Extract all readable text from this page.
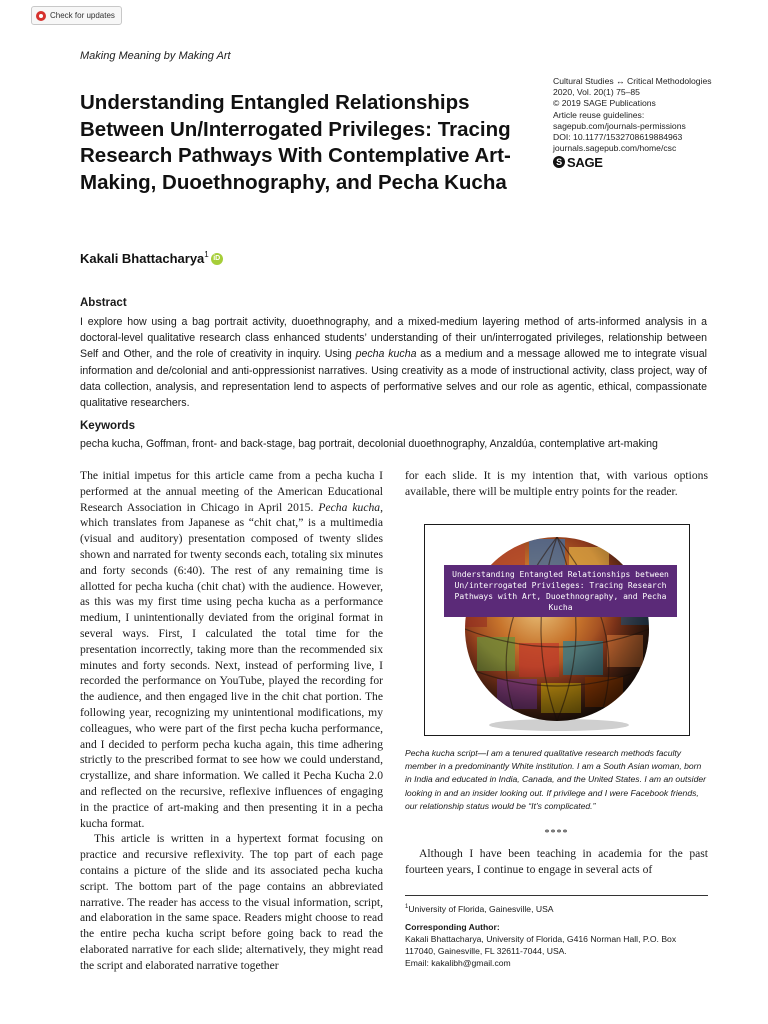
Check for updates
Making Meaning by Making Art
Understanding Entangled Relationships Between Un/Interrogated Privileges: Tracing Research Pathways With Contemplative Art-Making, Duoethnography, and Pecha Kucha
Cultural Studies ↔ Critical Methodologies
2020, Vol. 20(1) 75–85
© 2019 SAGE Publications
Article reuse guidelines:
sagepub.com/journals-permissions
DOI: 10.1177/1532708619884963
journals.sagepub.com/home/csc
S SAGE
Kakali Bhattacharya$^1$ iD
Abstract
I explore how using a bag portrait activity, duoethnography, and a mixed-medium layering method of arts-informed analysis in a doctoral-level qualitative research class enhanced students’ understanding of their un/interrogated privileges, relationship between Self and Other, and the role of creativity in inquiry. Using pecha kucha as a medium and a message allowed me to integrate visual information and de/colonial and anti-oppressionist narratives. Using creativity as a mode of instructional activity, class project, way of data collection, analysis, and representation lend to aspects of performative selves and our role as agentic, ethical, compassionate qualitative researchers.
Keywords
pecha kucha, Goffman, front- and back-stage, bag portrait, decolonial duoethnography, Anzaldúa, contemplative art-making

The initial impetus for this article came from a pecha kucha I performed at the annual meeting of the American Educational Research Association in Chicago in April 2015. Pecha kucha, which translates from Japanese as “chit chat,” is a multimedia (visual and auditory) presentation composed of twenty slides shown and narrated for twenty seconds each, totaling six minutes and forty seconds (6:40). The rest of any remaining time is allotted for pecha kucha (chit chat) with the audience. However, as this was my first time using pecha kucha as a performance medium, I unintentionally deviated from the original format in several ways. First, I calculated the total time for the presentation incorrectly, taking more than the recommended six minutes and forty seconds. Next, instead of performing live, I recorded the performance on YouTube, played the recording for the audience, and then engaged live in the chit chat portion. The following year, recognizing my unintentional modifications, my colleagues, who were part of the first pecha kucha performance, and I decided to perform pecha kucha again, this time adhering strictly to the prescribed format to see how we could understand, crystallize, and share information. We called it Pecha Kucha 2.0 and reflected on the recursive, reflexive influences of engaging in the practice of art-making and then presenting it in a pecha kucha format.

This article is written in a hypertext format focusing on practice and recursive reflexivity. The top part of each page contains a picture of the slide and its associated pecha kucha script. The bottom part of the page contains an abbreviated narrative. The reader has access to the visual information, script, and elaboration in the same space. Readers might choose to read the entire pecha kucha script before going back to read the elaborated narrative for each slide; alternatively, they might read the script and elaborated narrative together

for each slide. It is my intention that, with various options available, there will be multiple entry points for the reader.

Understanding Entangled Relationships between Un/interrogated Privileges: Tracing Research Pathways with Art, Duoethnography, and Pecha Kucha
Pecha kucha script—I am a tenured qualitative research methods faculty member in a predominantly White institution. I am a South Asian woman, born in India and educated in India, Canada, and the United States. I am an outsider looking in and an insider looking out. If privilege and I were Facebook friends, our relationship status would be “It’s complicated.”
****

Although I have been teaching in academia for the past fourteen years, I continue to engage in several acts of

$^1$University of Florida, Gainesville, USA
Corresponding Author:
Kakali Bhattacharya, University of Florida, G416 Norman Hall, P.O. Box
117040, Gainesville, FL 32611-7044, USA.
Email: kakalibh@gmail.com
